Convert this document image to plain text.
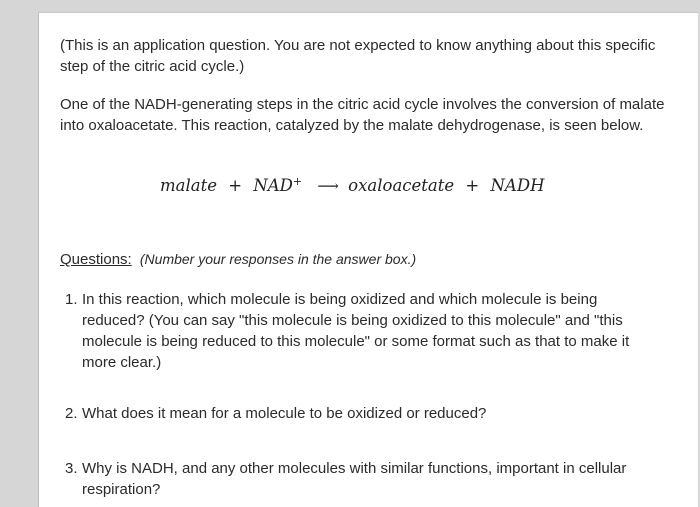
(This is an application question. You are not expected to know anything about this specific step of the citric acid cycle.)

One of the NADH-generating steps in the citric acid cycle involves the conversion of malate into oxaloacetate. This reaction, catalyzed by the malate dehydrogenase, is seen below.

malate + NAD+ ⟶ oxaloacetate + NADH
Questions: (Number your responses in the answer box.)
1. In this reaction, which molecule is being oxidized and which molecule is being reduced? (You can say "this molecule is being oxidized to this molecule" and "this molecule is being reduced to this molecule" or some format such as that to make it more clear.)
2. What does it mean for a molecule to be oxidized or reduced?
3. Why is NADH, and any other molecules with similar functions, important in cellular respiration?
